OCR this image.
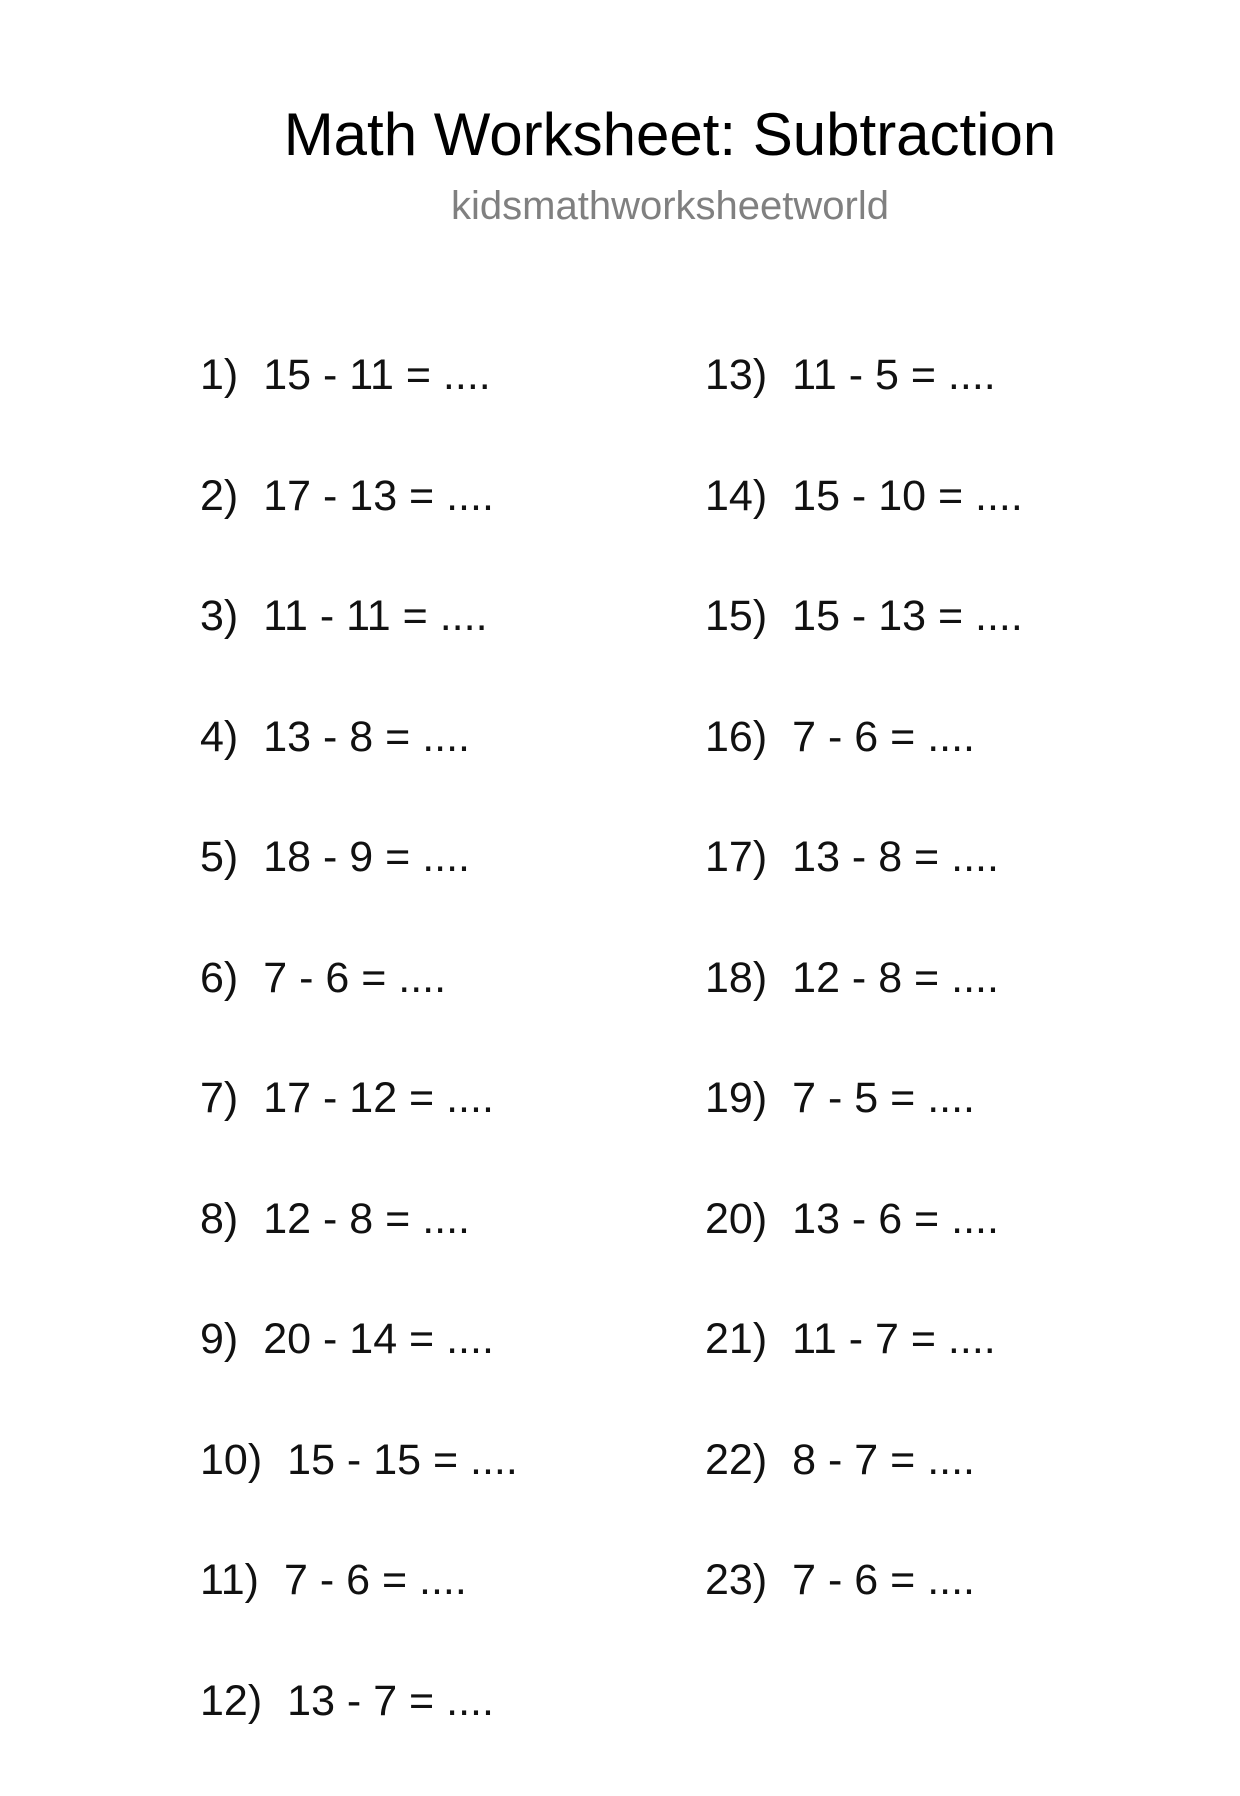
Math Worksheet: Subtraction
kidsmathworksheetworld
1) 15 - 11 = ....
2) 17 - 13 = ....
3) 11 - 11 = ....
4) 13 - 8 = ....
5) 18 - 9 = ....
6) 7 - 6 = ....
7) 17 - 12 = ....
8) 12 - 8 = ....
9) 20 - 14 = ....
10) 15 - 15 = ....
11) 7 - 6 = ....
12) 13 - 7 = ....
13) 11 - 5 = ....
14) 15 - 10 = ....
15) 15 - 13 = ....
16) 7 - 6 = ....
17) 13 - 8 = ....
18) 12 - 8 = ....
19) 7 - 5 = ....
20) 13 - 6 = ....
21) 11 - 7 = ....
22) 8 - 7 = ....
23) 7 - 6 = ....
